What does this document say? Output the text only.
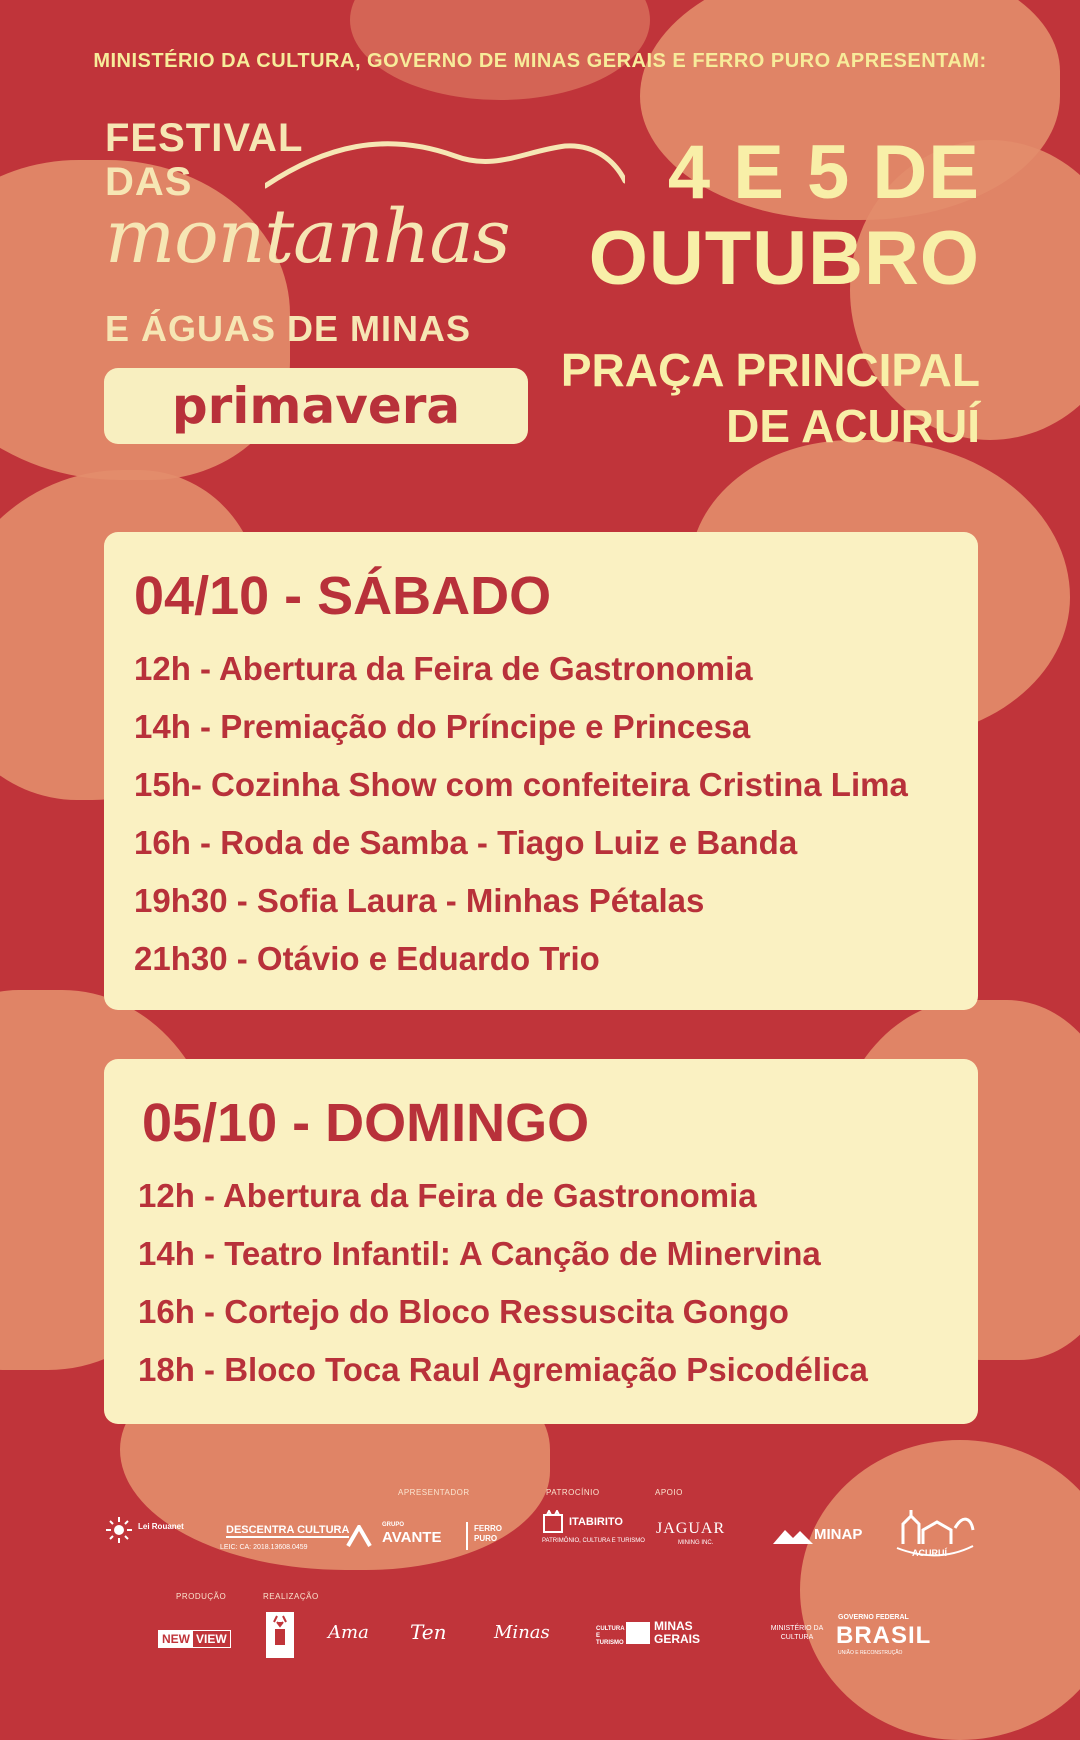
MINISTÉRIO DA CULTURA, GOVERNO DE MINAS GERAIS E FERRO PURO APRESENTAM:
FESTIVAL
DAS
montanhas
E ÁGUAS DE MINAS
primavera
4 E 5 DE
OUTUBRO
PRAÇA PRINCIPAL
DE ACURUÍ
04/10 - SÁBADO
12h - Abertura da Feira de Gastronomia
14h - Premiação do Príncipe e Princesa
15h- Cozinha Show com confeiteira Cristina Lima
16h - Roda de Samba - Tiago Luiz e Banda
19h30 - Sofia Laura - Minhas Pétalas
21h30 - Otávio e Eduardo Trio
05/10 - DOMINGO
12h - Abertura da Feira de Gastronomia
14h - Teatro Infantil: A Canção de Minervina
16h - Cortejo do Bloco Ressuscita Gongo
18h - Bloco Toca Raul Agremiação Psicodélica
APRESENTADOR	PATROCÍNIO	APOIO
PRODUÇÃO	REALIZAÇÃO
Lei Rouanet	DESCENTRA CULTURA
LEIC: CA: 2018.13608.0459
GRUPO
AVANTE
FERRO
PURO
ITABIRITO
PATRIMÔNIO, CULTURA E TURISMO
JAGUAR
MINING INC.	MINAP
ACURUÍ
NEW VIEW	Ama Ten	Minas	CULTURA E TURISMO
MINAS GERAIS
MINISTÉRIO DA CULTURA
GOVERNO FEDERAL
BRASIL
UNIÃO E RECONSTRUÇÃO
